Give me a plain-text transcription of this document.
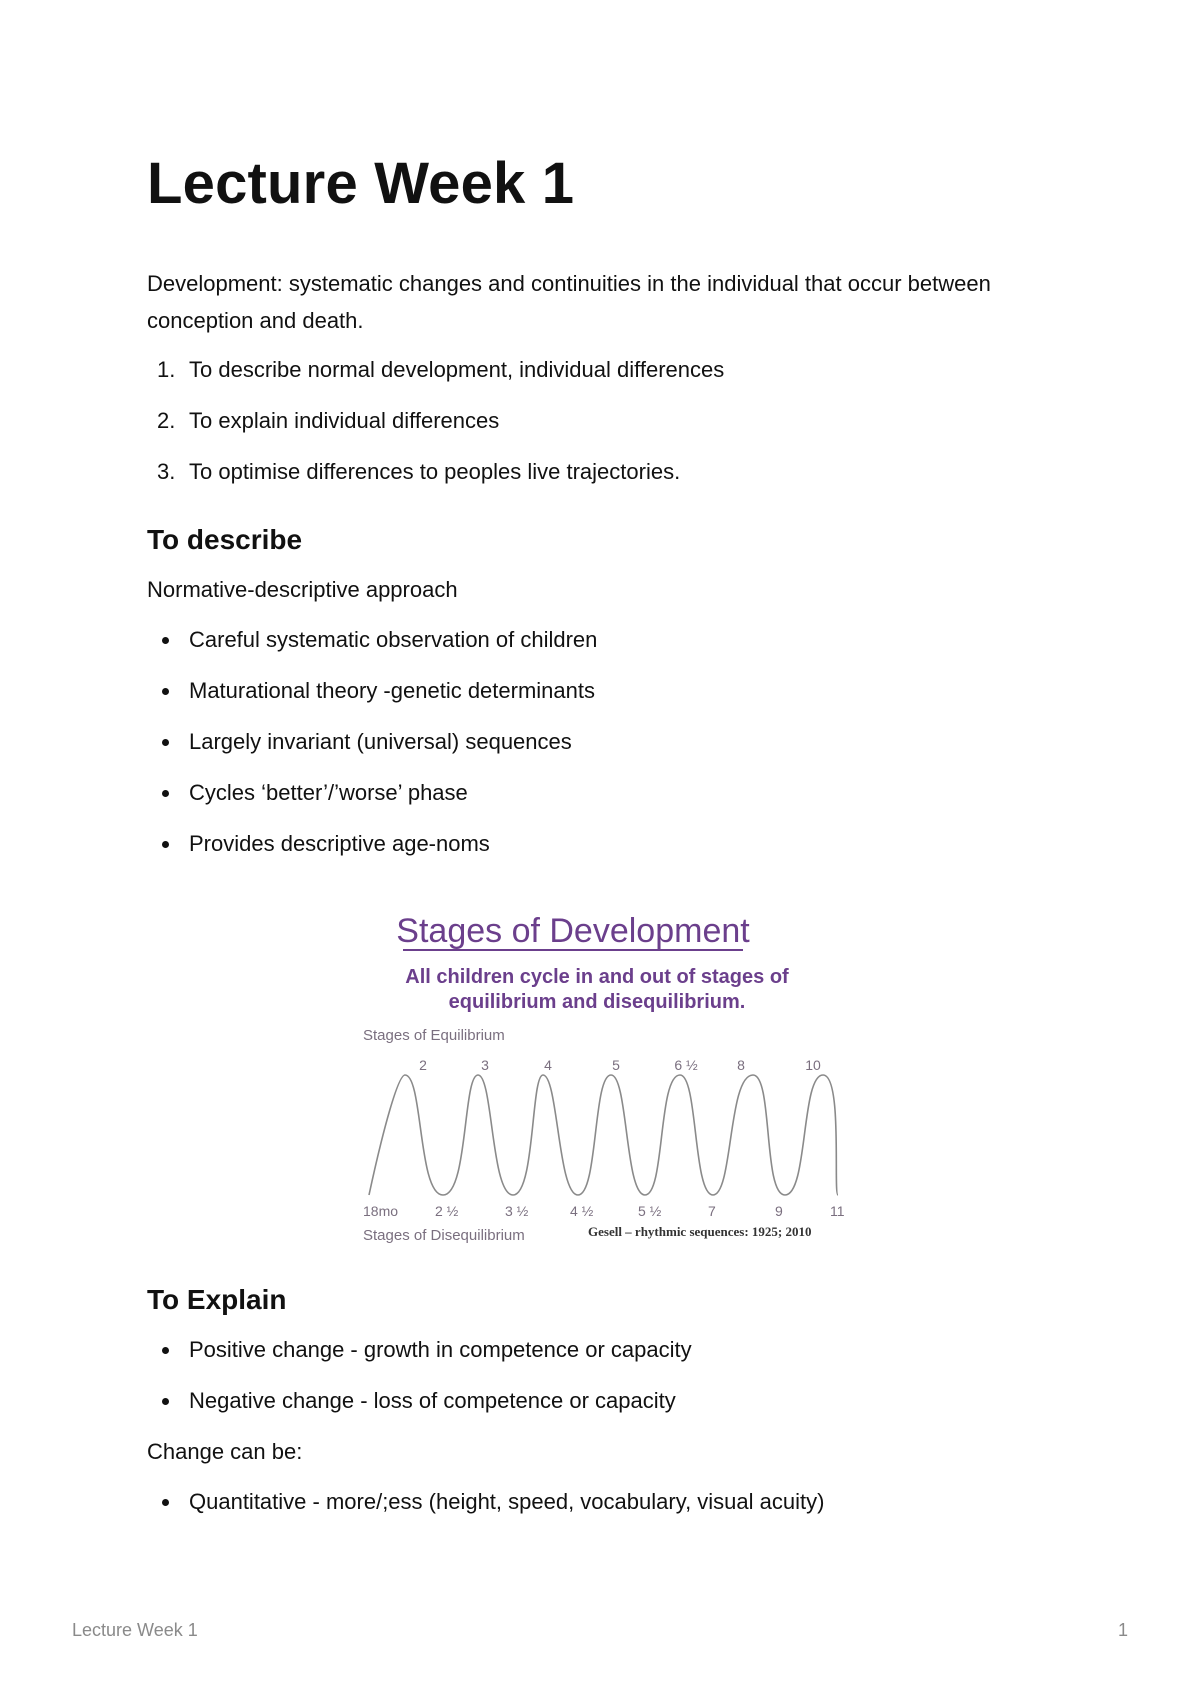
Lecture Week 1

Development: systematic changes and continuities in the individual that occur between conception and death.

1. To describe normal development, individual differences
2. To explain individual differences
3. To optimise differences to peoples live trajectories.
To describe

Normative-descriptive approach

Careful systematic observation of children
Maturational theory -genetic determinants
Largely invariant (universal) sequences
Cycles ‘better’/’worse’ phase
Provides descriptive age-noms
Stages of Development
All children cycle in and out of stages of
equilibrium and disequilibrium.
Stages of Equilibrium
2	3	4	5	6 ½	8	10
18mo	2 ½	3 ½	4 ½	5 ½	7	9	11
Stages of Disequilibrium	Gesell – rhythmic sequences: 1925; 2010
To Explain
Positive change - growth in competence or capacity
Negative change - loss of competence or capacity

Change can be:

Quantitative - more/;ess (height, speed, vocabulary, visual acuity)
Lecture Week 1	1
